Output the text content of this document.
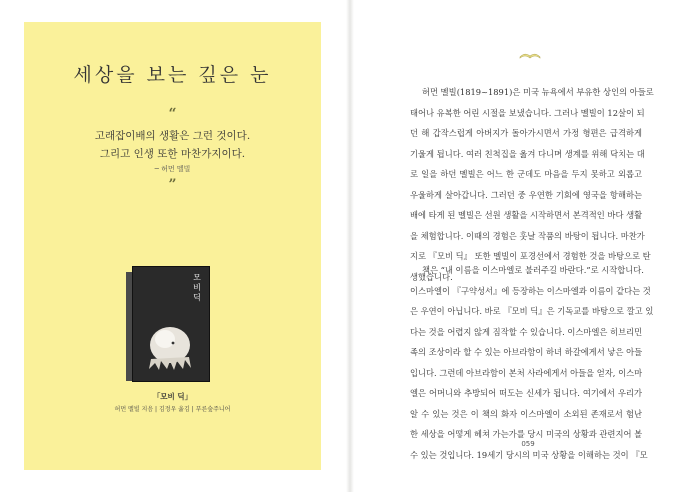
세상을 보는 깊은 눈
“
고래잡이배의 생활은 그런 것이다.
그리고 인생 또한 마찬가지이다.
─ 허먼 멜빌
”
모비 딕
「모비 딕」
허먼 멜빌 지음 | 김정우 옮김 | 푸른숲주니어
허먼 멜빌(1819~1891)은 미국 뉴욕에서 부유한 상인의 아들로
태어나 유복한 어린 시절을 보냈습니다. 그러나 멜빌이 12살이 되
던 해 갑작스럽게 아버지가 돌아가시면서 가정 형편은 급격하게
기울게 됩니다. 여러 친척집을 옮겨 다니며 생계를 위해 닥치는 대
로 일을 하던 멜빌은 어느 한 군데도 마음을 두지 못하고 외롭고
우울하게 살아갑니다. 그러던 중 우연한 기회에 영국을 항해하는
배에 타게 된 멜빌은 선원 생활을 시작하면서 본격적인 바다 생활
을 체험합니다. 이때의 경험은 훗날 작품의 바탕이 됩니다. 마찬가
지로 『모비 딕』 또한 멜빌이 포경선에서 경험한 것을 바탕으로 탄
생했습니다.
책은 “내 이름을 이스마엘로 불러주길 바란다.”로 시작합니다.
이스마엘이 『구약성서』에 등장하는 이스마엘과 이름이 같다는 것
은 우연이 아닙니다. 바로 『모비 딕』은 기독교를 바탕으로 깔고 있
다는 것을 어렵지 않게 짐작할 수 있습니다. 이스마엘은 히브리민
족의 조상이라 할 수 있는 아브라함이 하녀 하갈에게서 낳은 아들
입니다. 그런데 아브라함이 본처 사라에게서 아들을 얻자, 이스마
엘은 어머니와 추방되어 떠도는 신세가 됩니다. 여기에서 우리가
알 수 있는 것은 이 책의 화자 이스마엘이 소외된 존재로서 험난
한 세상을 어떻게 헤쳐 가는가를 당시 미국의 상황과 관련지어 볼
수 있는 것입니다. 19세기 당시의 미국 상황을 이해하는 것이 『모
059
